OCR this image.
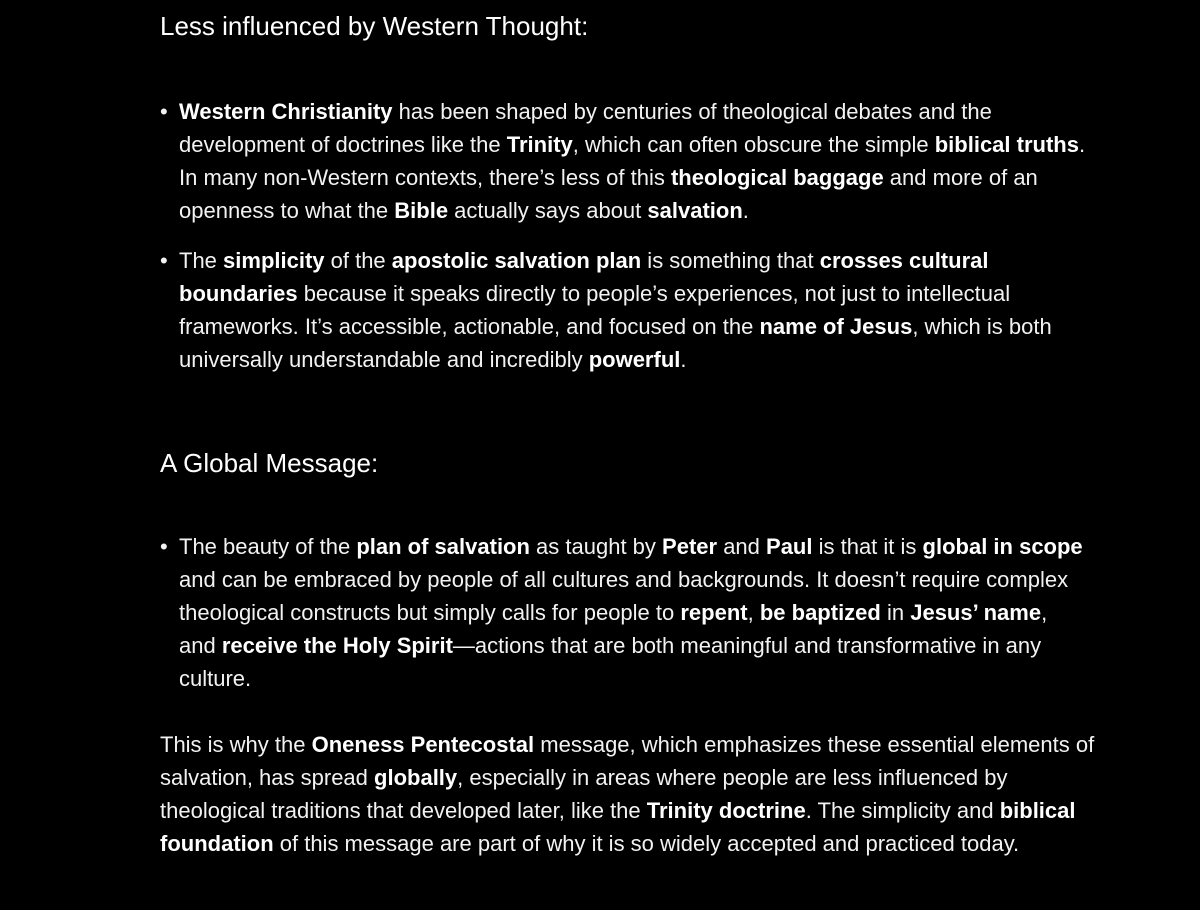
Less influenced by Western Thought:
• Western Christianity has been shaped by centuries of theological debates and the development of doctrines like the Trinity, which can often obscure the simple biblical truths. In many non-Western contexts, there’s less of this theological baggage and more of an openness to what the Bible actually says about salvation.
• The simplicity of the apostolic salvation plan is something that crosses cultural boundaries because it speaks directly to people’s experiences, not just to intellectual frameworks. It’s accessible, actionable, and focused on the name of Jesus, which is both universally understandable and incredibly powerful.
A Global Message:
• The beauty of the plan of salvation as taught by Peter and Paul is that it is global in scope and can be embraced by people of all cultures and backgrounds. It doesn’t require complex theological constructs but simply calls for people to repent, be baptized in Jesus’ name, and receive the Holy Spirit—actions that are both meaningful and transformative in any culture.

This is why the Oneness Pentecostal message, which emphasizes these essential elements of salvation, has spread globally, especially in areas where people are less influenced by theological traditions that developed later, like the Trinity doctrine. The simplicity and biblical foundation of this message are part of why it is so widely accepted and practiced today.
